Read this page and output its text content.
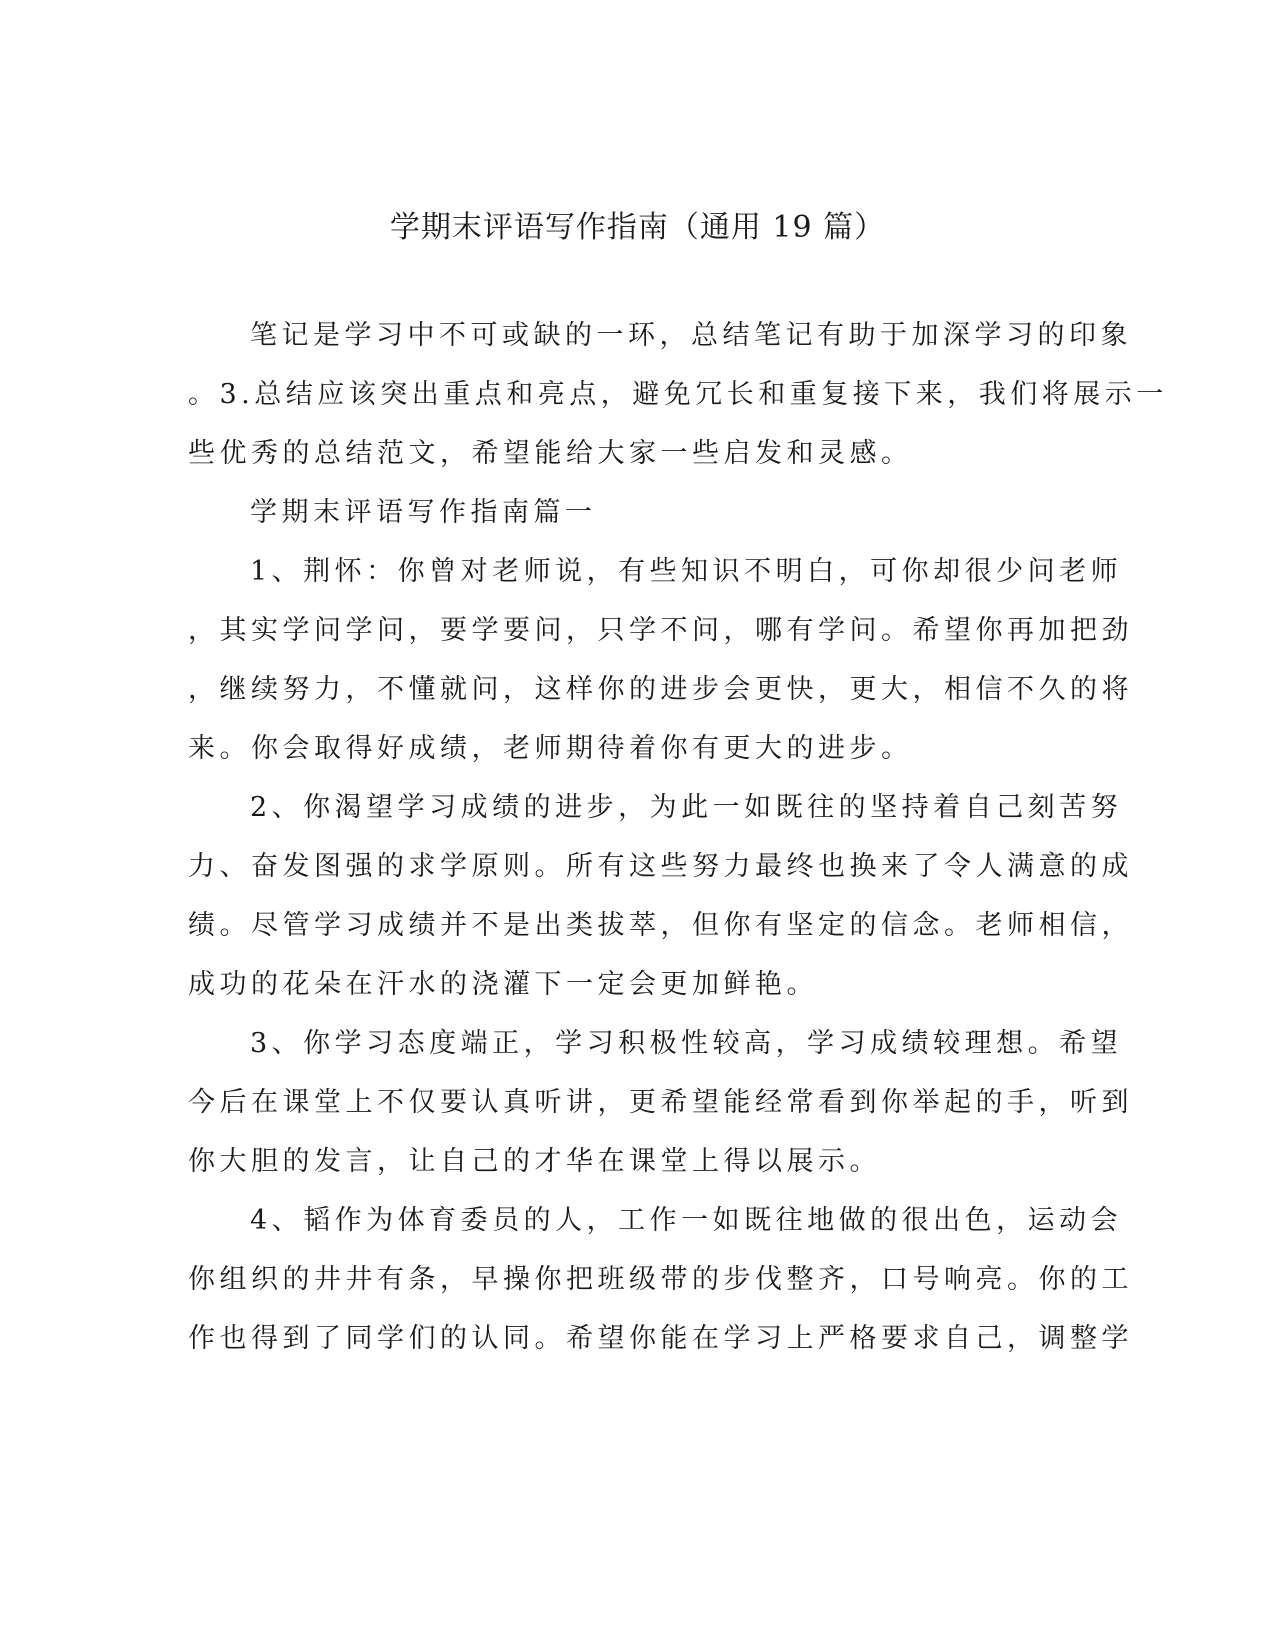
学期末评语写作指南（通用 19 篇）
笔记是学习中不可或缺的一环，总结笔记有助于加深学习的印象
。3.总结应该突出重点和亮点，避免冗长和重复接下来，我们将展示一
些优秀的总结范文，希望能给大家一些启发和灵感。
学期末评语写作指南篇一
1、荆怀：你曾对老师说，有些知识不明白，可你却很少问老师
，其实学问学问，要学要问，只学不问，哪有学问。希望你再加把劲
，继续努力，不懂就问，这样你的进步会更快，更大，相信不久的将
来。你会取得好成绩，老师期待着你有更大的进步。
2、你渴望学习成绩的进步，为此一如既往的坚持着自己刻苦努
力、奋发图强的求学原则。所有这些努力最终也换来了令人满意的成
绩。尽管学习成绩并不是出类拔萃，但你有坚定的信念。老师相信，
成功的花朵在汗水的浇灌下一定会更加鲜艳。
3、你学习态度端正，学习积极性较高，学习成绩较理想。希望
今后在课堂上不仅要认真听讲，更希望能经常看到你举起的手，听到
你大胆的发言，让自己的才华在课堂上得以展示。
4、韬作为体育委员的人，工作一如既往地做的很出色，运动会
你组织的井井有条，早操你把班级带的步伐整齐，口号响亮。你的工
作也得到了同学们的认同。希望你能在学习上严格要求自己，调整学
